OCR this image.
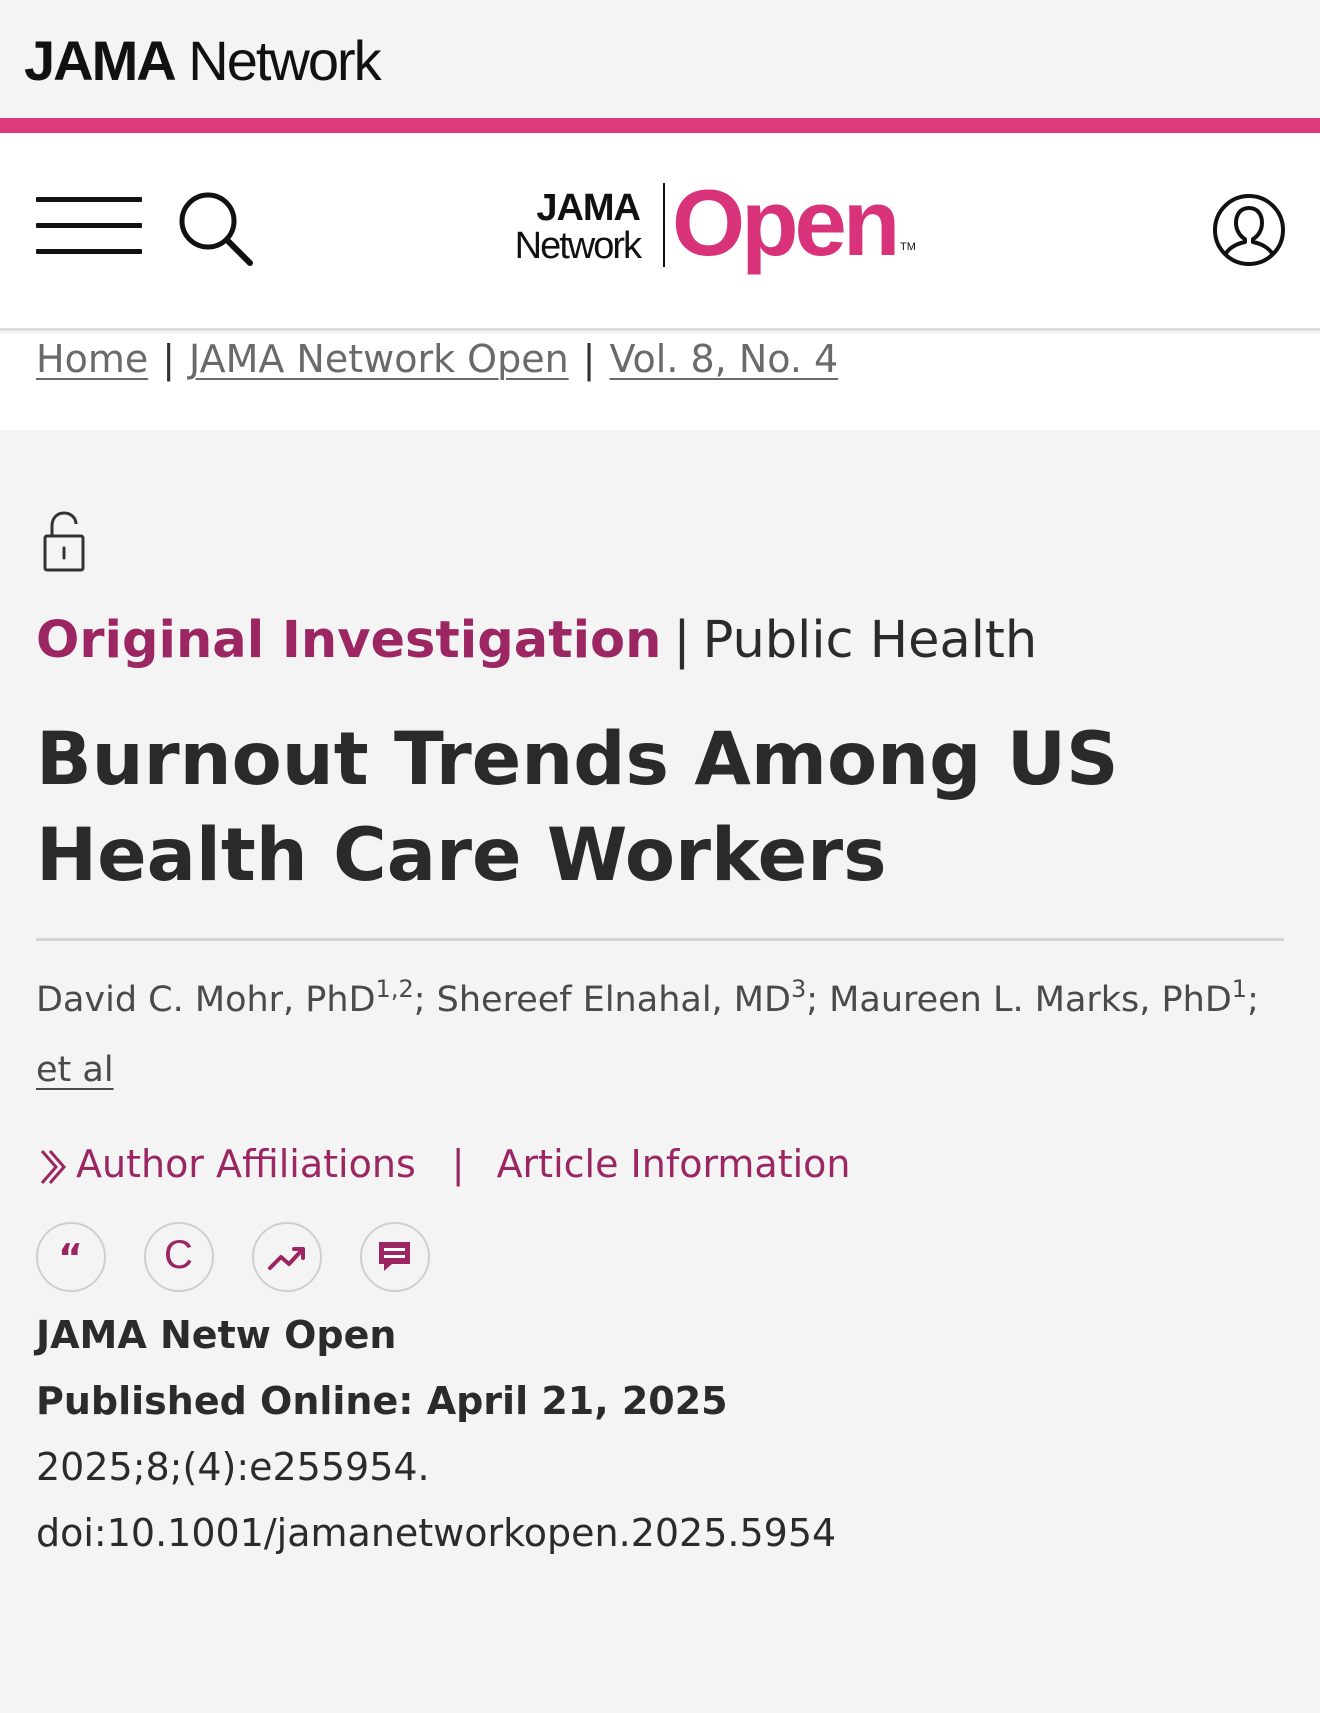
JAMA Network
JAMA
Network Open TM
Home | JAMA Network Open | Vol. 8, No. 4
Original Investigation | Public Health
Burnout Trends Among US Health Care Workers
David C. Mohr, PhD$^{1,2}$; Shereef Elnahal, $MD^3$; Maureen L. Marks, PhD$^1$;
et al
Author Affiliations | Article Information
“	C
JAMA Netw Open
Published Online: April 21, 2025
2025;8;(4):e255954.
doi:10.1001/jamanetworkopen.2025.5954
